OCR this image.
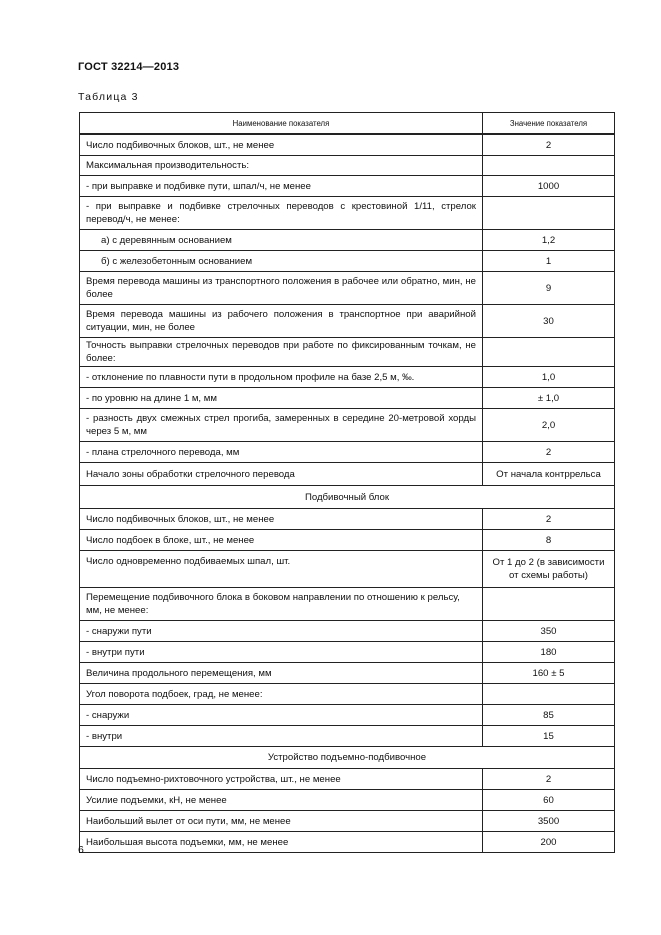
ГОСТ 32214—2013
Таблица 3
Наименование показателя	Значение показателя
Число подбивочных блоков, шт., не менее	2
Максимальная производительность:	
- при выправке и подбивке пути, шпал/ч, не менее	1000
- при выправке и подбивке стрелочных переводов с крестовиной 1/11, стрелок перевод/ч, не менее:	
а) с деревянным основанием	1,2
б) с железобетонным основанием	1
Время перевода машины из транспортного положения в рабочее или обратно, мин, не более	9
Время перевода машины из рабочего положения в транспортное при аварийной ситуации, мин, не более	30
Точность выправки стрелочных переводов при работе по фиксированным точкам, не более:	
- отклонение по плавности пути в продольном профиле на базе 2,5 м, ‰.	1,0
- по уровню на длине 1 м, мм	± 1,0
- разность двух смежных стрел прогиба, замеренных в середине 20-метровой хорды через 5 м, мм	2,0
- плана стрелочного перевода, мм	2
Начало зоны обработки стрелочного перевода	От начала контррельса
Подбивочный блок	
Число подбивочных блоков, шт., не менее	2
Число подбоек в блоке, шт., не менее	8
Число одновременно подбиваемых шпал, шт.	От 1 до 2 (в зависимости от схемы работы)
Перемещение подбивочного блока в боковом направлении по отношению к рельсу, мм, не менее:	
- снаружи пути	350
- внутри пути	180
Величина продольного перемещения, мм	160 ± 5
Угол поворота подбоек, град, не менее:	
- снаружи	85
- внутри	15
Устройство подъемно-подбивочное	
Число подъемно-рихтовочного устройства, шт., не менее	2
Усилие подъемки, кН, не менее	60
Наибольший вылет от оси пути, мм, не менее	3500
Наибольшая высота подъемки, мм, не менее	200
6
